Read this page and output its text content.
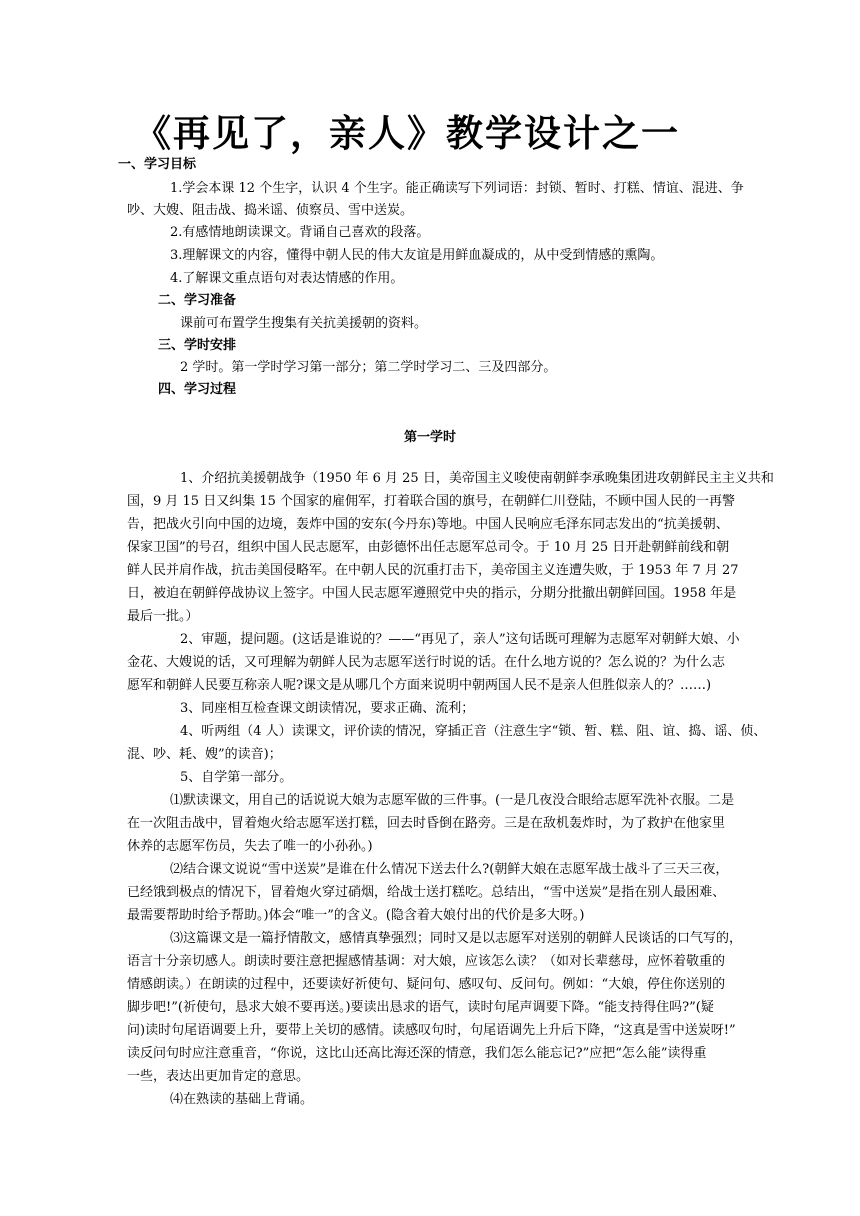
《再见了，亲人》教学设计之一
一、学习目标
1.学会本课 12 个生字，认识 4 个生字。能正确读写下列词语：封锁、暂时、打糕、情谊、混进、争
吵、大嫂、阻击战、捣米谣、侦察员、雪中送炭。
2.有感情地朗读课文。背诵自己喜欢的段落。
3.理解课文的内容，懂得中朝人民的伟大友谊是用鲜血凝成的，从中受到情感的熏陶。
4.了解课文重点语句对表达情感的作用。
二、学习准备
课前可布置学生搜集有关抗美援朝的资料。
三、学时安排
2 学时。第一学时学习第一部分；第二学时学习二、三及四部分。
四、学习过程
第一学时
1、介绍抗美援朝战争（1950 年 6 月 25 日，美帝国主义唆使南朝鲜李承晚集团进攻朝鲜民主主义共和
国，9 月 15 日又纠集 15 个国家的雇佣军，打着联合国的旗号，在朝鲜仁川登陆，不顾中国人民的一再警
告，把战火引向中国的边境，轰炸中国的安东(今丹东)等地。中国人民响应毛泽东同志发出的“抗美援朝、
保家卫国”的号召，组织中国人民志愿军，由彭德怀出任志愿军总司令。于 10 月 25 日开赴朝鲜前线和朝
鲜人民并肩作战，抗击美国侵略军。在中朝人民的沉重打击下，美帝国主义连遭失败，于 1953 年 7 月 27
日，被迫在朝鲜停战协议上签字。中国人民志愿军遵照党中央的指示，分期分批撤出朝鲜回国。1958 年是
最后一批。）
2、审题，提问题。(这话是谁说的？——“再见了，亲人”这句话既可理解为志愿军对朝鲜大娘、小
金花、大嫂说的话，又可理解为朝鲜人民为志愿军送行时说的话。在什么地方说的？怎么说的？为什么志
愿军和朝鲜人民要互称亲人呢?课文是从哪几个方面来说明中朝两国人民不是亲人但胜似亲人的？……)
3、同座相互检查课文朗读情况，要求正确、流利；
4、听两组（4 人）读课文，评价读的情况，穿插正音（注意生字“锁、暂、糕、阻、谊、捣、谣、侦、
混、吵、耗、嫂”的读音)；
5、自学第一部分。
⑴默读课文，用自己的话说说大娘为志愿军做的三件事。(一是几夜没合眼给志愿军洗补衣服。二是
在一次阻击战中，冒着炮火给志愿军送打糕，回去时昏倒在路旁。三是在敌机轰炸时，为了救护在他家里
休养的志愿军伤员，失去了唯一的小孙孙。)
⑵结合课文说说“雪中送炭”是谁在什么情况下送去什么?(朝鲜大娘在志愿军战士战斗了三天三夜，
已经饿到极点的情况下，冒着炮火穿过硝烟，给战士送打糕吃。总结出，“雪中送炭”是指在别人最困难、
最需要帮助时给予帮助。)体会“唯一”的含义。(隐含着大娘付出的代价是多大呀。)
⑶这篇课文是一篇抒情散文，感情真挚强烈；同时又是以志愿军对送别的朝鲜人民谈话的口气写的，
语言十分亲切感人。朗读时要注意把握感情基调：对大娘，应该怎么读？（如对长辈慈母，应怀着敬重的
情感朗读。）在朗读的过程中，还要读好祈使句、疑问句、感叹句、反问句。例如：“大娘，停住你送别的
脚步吧!”(祈使句，恳求大娘不要再送。)要读出恳求的语气，读时句尾声调要下降。“能支持得住吗?”(疑
问)读时句尾语调要上升，要带上关切的感情。读感叹句时，句尾语调先上升后下降，“这真是雪中送炭呀!”
读反问句时应注意重音，“你说，这比山还高比海还深的情意，我们怎么能忘记?”应把“怎么能”读得重
一些，表达出更加肯定的意思。
⑷在熟读的基础上背诵。
